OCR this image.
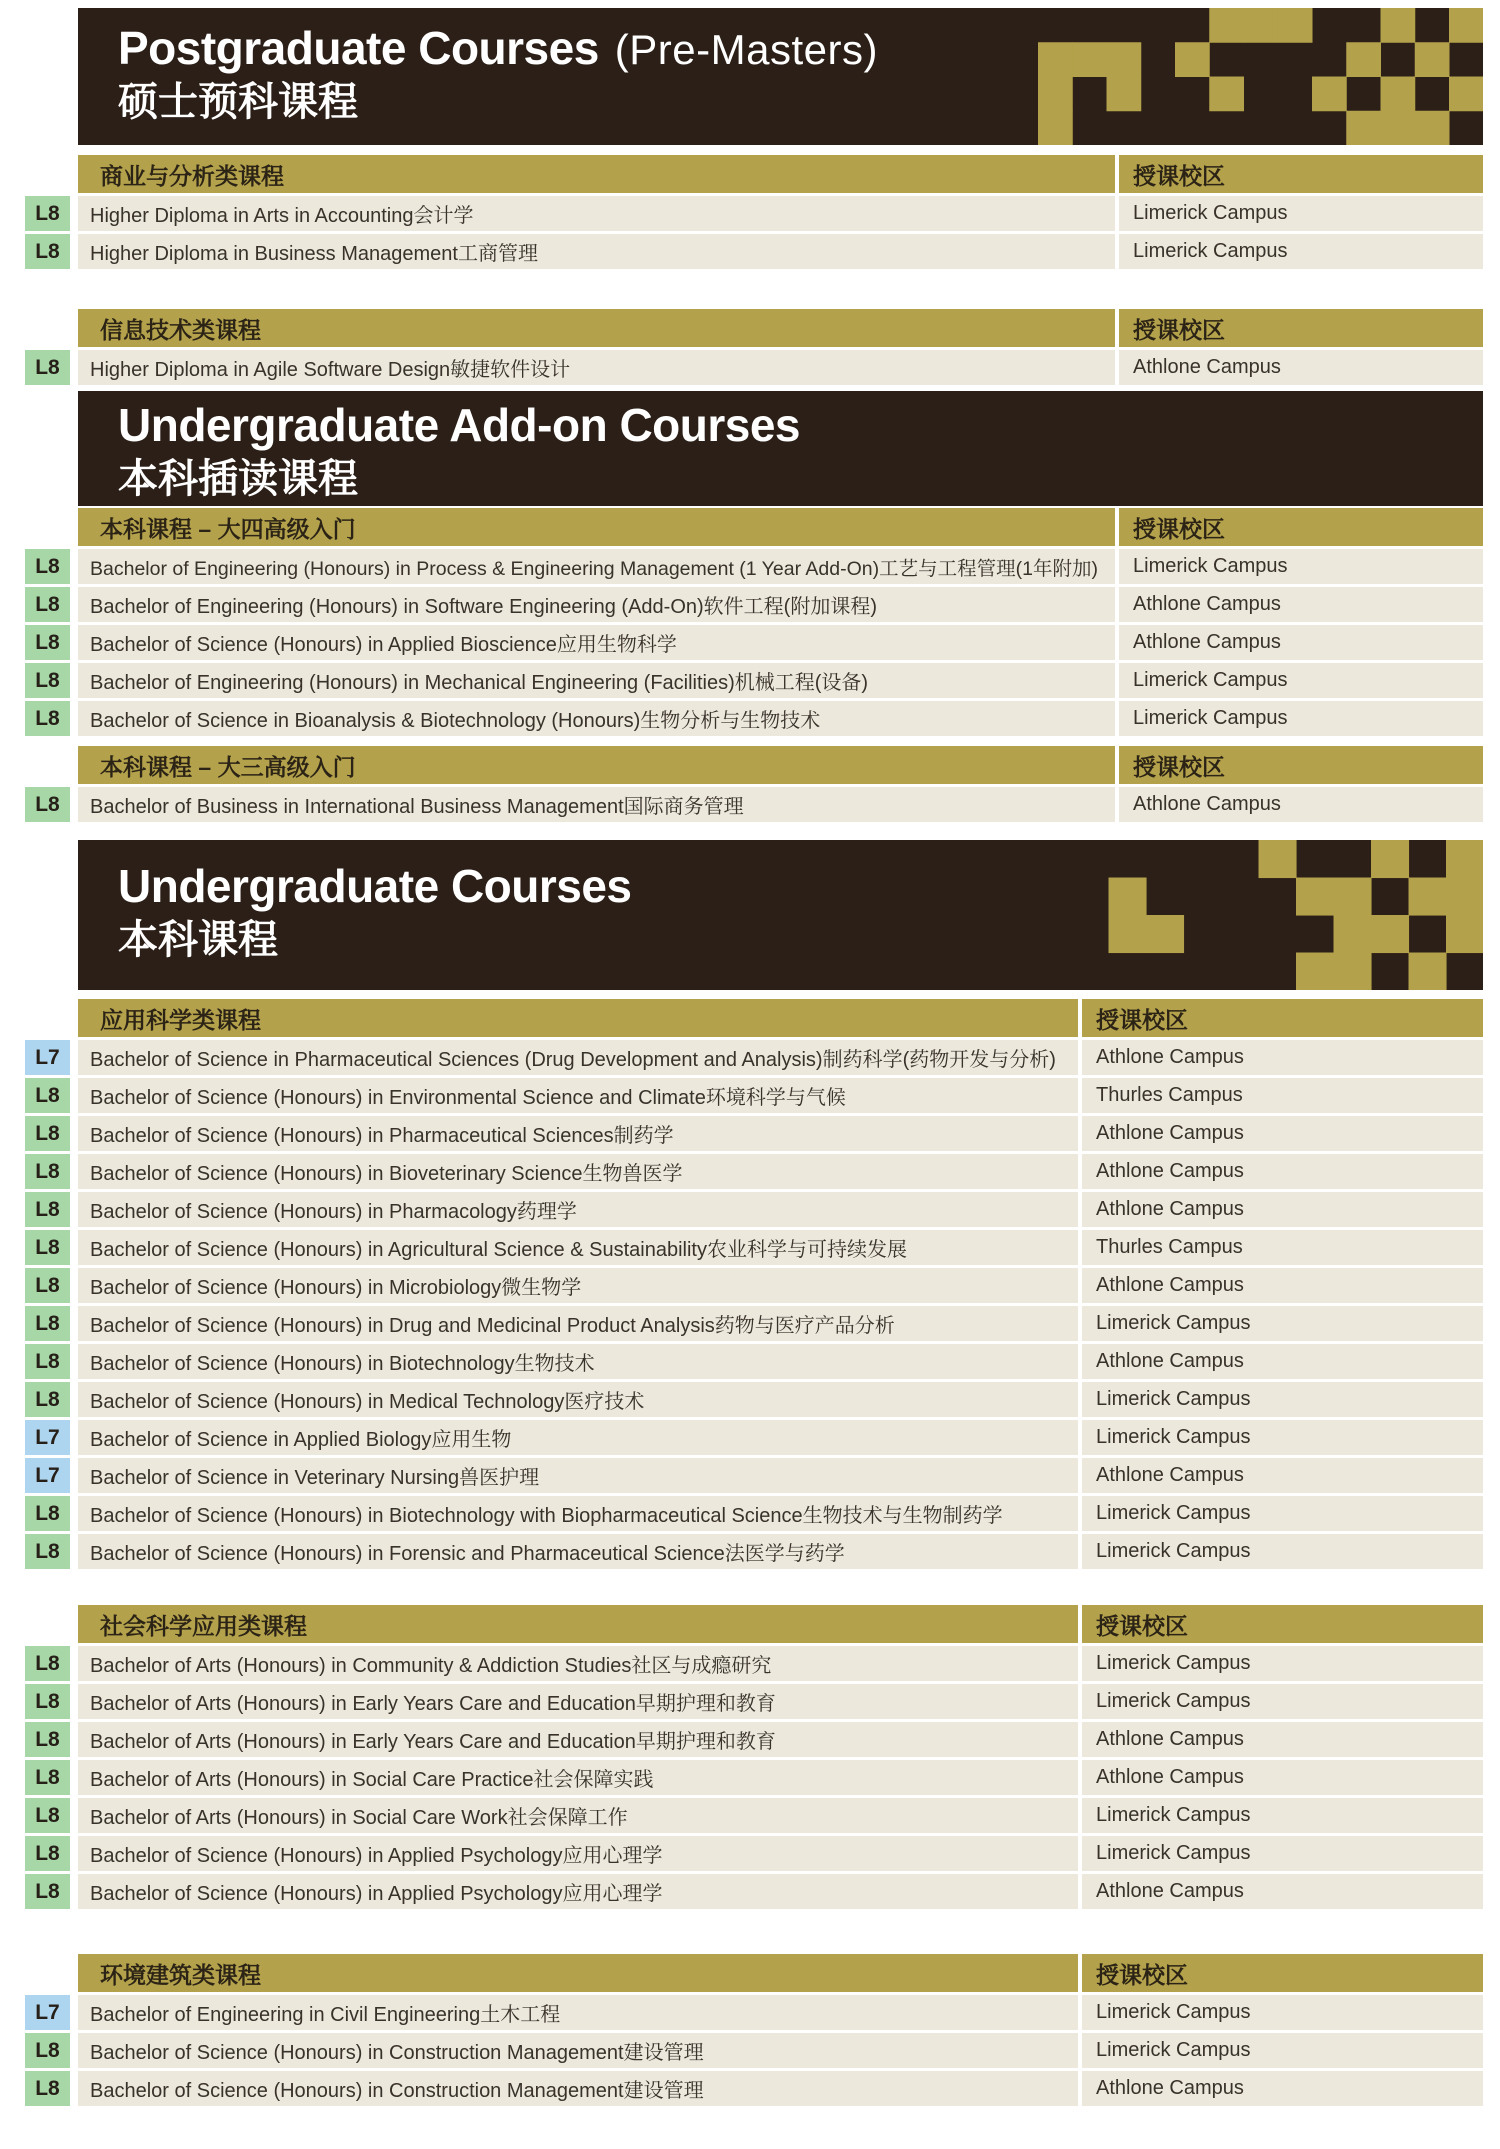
Postgraduate Courses (Pre-Masters)
硕士预科课程
商业与分析类课程	授课校区
L8	Higher Diploma in Arts in Accounting会计学	Limerick Campus
L8	Higher Diploma in Business Management工商管理	Limerick Campus
信息技术类课程	授课校区
L8	Higher Diploma in Agile Software Design敏捷软件设计	Athlone Campus
Undergraduate Add-on Courses
本科插读课程
本科课程 – 大四高级入门	授课校区
L8	Bachelor of Engineering (Honours) in Process & Engineering Management (1 Year Add-On)工艺与工程管理(1年附加)	Limerick Campus
L8	Bachelor of Engineering (Honours) in Software Engineering (Add-On)软件工程(附加课程)	Athlone Campus
L8	Bachelor of Science (Honours) in Applied Bioscience应用生物科学	Athlone Campus
L8	Bachelor of Engineering (Honours) in Mechanical Engineering (Facilities)机械工程(设备)	Limerick Campus
L8	Bachelor of Science in Bioanalysis & Biotechnology (Honours)生物分析与生物技术	Limerick Campus
本科课程 – 大三高级入门	授课校区
L8	Bachelor of Business in International Business Management国际商务管理	Athlone Campus
Undergraduate Courses
本科课程
应用科学类课程	授课校区
L7	Bachelor of Science in Pharmaceutical Sciences (Drug Development and Analysis)制药科学(药物开发与分析)	Athlone Campus
L8	Bachelor of Science (Honours) in Environmental Science and Climate环境科学与气候	Thurles Campus
L8	Bachelor of Science (Honours) in Pharmaceutical Sciences制药学	Athlone Campus
L8	Bachelor of Science (Honours) in Bioveterinary Science生物兽医学	Athlone Campus
L8	Bachelor of Science (Honours) in Pharmacology药理学	Athlone Campus
L8	Bachelor of Science (Honours) in Agricultural Science & Sustainability农业科学与可持续发展	Thurles Campus
L8	Bachelor of Science (Honours) in Microbiology微生物学	Athlone Campus
L8	Bachelor of Science (Honours) in Drug and Medicinal Product Analysis药物与医疗产品分析	Limerick Campus
L8	Bachelor of Science (Honours) in Biotechnology生物技术	Athlone Campus
L8	Bachelor of Science (Honours) in Medical Technology医疗技术	Limerick Campus
L7	Bachelor of Science in Applied Biology应用生物	Limerick Campus
L7	Bachelor of Science in Veterinary Nursing兽医护理	Athlone Campus
L8	Bachelor of Science (Honours) in Biotechnology with Biopharmaceutical Science生物技术与生物制药学	Limerick Campus
L8	Bachelor of Science (Honours) in Forensic and Pharmaceutical Science法医学与药学	Limerick Campus
社会科学应用类课程	授课校区
L8	Bachelor of Arts (Honours) in Community & Addiction Studies社区与成瘾研究	Limerick Campus
L8	Bachelor of Arts (Honours) in Early Years Care and Education早期护理和教育	Limerick Campus
L8	Bachelor of Arts (Honours) in Early Years Care and Education早期护理和教育	Athlone Campus
L8	Bachelor of Arts (Honours) in Social Care Practice社会保障实践	Athlone Campus
L8	Bachelor of Arts (Honours) in Social Care Work社会保障工作	Limerick Campus
L8	Bachelor of Science (Honours) in Applied Psychology应用心理学	Limerick Campus
L8	Bachelor of Science (Honours) in Applied Psychology应用心理学	Athlone Campus
环境建筑类课程	授课校区
L7	Bachelor of Engineering in Civil Engineering土木工程	Limerick Campus
L8	Bachelor of Science (Honours) in Construction Management建设管理	Limerick Campus
L8	Bachelor of Science (Honours) in Construction Management建设管理	Athlone Campus
